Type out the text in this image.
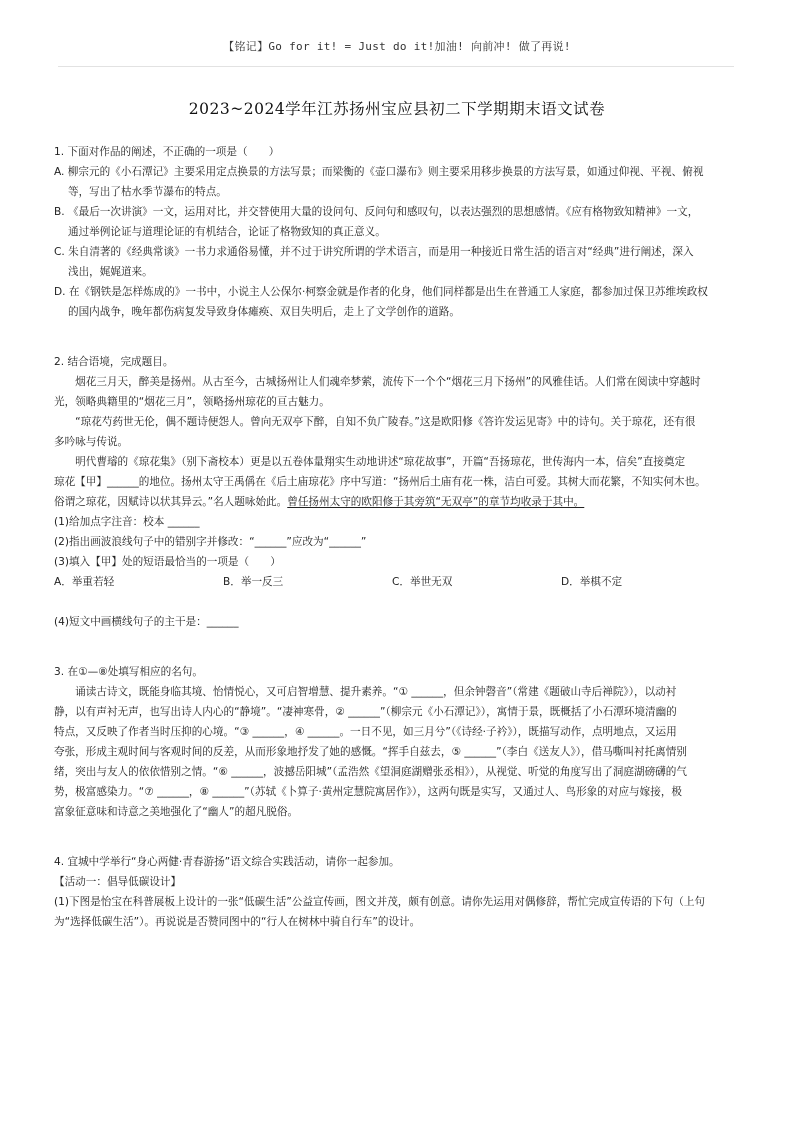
【铭记】Go for it! = Just do it!加油! 向前冲! 做了再说!
2023~2024学年江苏扬州宝应县初二下学期期末语文试卷

1. 下面对作品的阐述，不正确的一项是（　　）

A. 柳宗元的《小石潭记》主要采用定点换景的方法写景；而梁衡的《壶口瀑布》则主要采用移步换景的方法写景，如通过仰视、平视、俯视

等，写出了枯水季节瀑布的特点。

B. 《最后一次讲演》一文，运用对比，并交替使用大量的设问句、反问句和感叹句，以表达强烈的思想感情。《应有格物致知精神》一文，

通过举例论证与道理论证的有机结合，论证了格物致知的真正意义。

C. 朱自清著的《经典常谈》一书力求通俗易懂，并不过于讲究所谓的学术语言，而是用一种接近日常生活的语言对“经典”进行阐述，深入

浅出，娓娓道来。

D. 在《钢铁是怎样炼成的》一书中，小说主人公保尔·柯察金就是作者的化身，他们同样都是出生在普通工人家庭，都参加过保卫苏维埃政权

的国内战争，晚年都伤病复发导致身体瘫痪、双目失明后，走上了文学创作的道路。

2. 结合语境，完成题目。

　　烟花三月天，醉美是扬州。从古至今，古城扬州让人们魂牵梦萦，流传下一个个“烟花三月下扬州”的风雅佳话。人们常在阅读中穿越时

光，领略典籍里的“烟花三月”，领略扬州琼花的亘古魅力。

　　“琼花芍药世无伦，偶不题诗便怨人。曾向无双亭下醉，自知不负广陵春。”这是欧阳修《答许发运见寄》中的诗句。关于琼花，还有很

多吟咏与传说。

　　明代曹璿的《琼花集》（别下斋校本）更是以五卷体量翔实生动地讲述“琼花故事”，开篇“吾扬琼花，世传海内一本，信矣”直接奠定

琼花【甲】______的地位。扬州太守王禹偁在《后土庙琼花》序中写道：“扬州后土庙有花一株，洁白可爱。其树大而花繁，不知实何木也。

俗谓之琼花，因赋诗以状其异云。”名人题咏始此。曾任扬州太守的欧阳修于其旁筑“无双亭”的章节均收录于其中。

(1)给加点字注音：校本 ______

(2)指出画波浪线句子中的错别字并修改：“______”应改为“______”

(3)填入【甲】处的短语最恰当的一项是（　　）

A．举重若轻	B．举一反三	C．举世无双	D．举棋不定

(4)短文中画横线句子的主干是：______

3. 在①—⑧处填写相应的名句。

　　诵读古诗文，既能身临其境、怡情悦心，又可启智增慧、提升素养。“① ______，但余钟磬音”（常建《题破山寺后禅院》），以动衬

静，以有声衬无声，也写出诗人内心的“静境”。“凄神寒骨，② ______”（柳宗元《小石潭记》），寓情于景，既概括了小石潭环境清幽的

特点，又反映了作者当时压抑的心境。“③ ______，④ ______。一日不见，如三月兮”（《诗经·子衿》），既描写动作，点明地点，又运用

夸张，形成主观时间与客观时间的反差，从而形象地抒发了她的感慨。“挥手自兹去，⑤ ______”（李白《送友人》），借马嘶叫衬托离情别

绪，突出与友人的依依惜别之情。“⑥ ______，波撼岳阳城”（孟浩然《望洞庭湖赠张丞相》），从视觉、听觉的角度写出了洞庭湖磅礴的气

势，极富感染力。“⑦ ______，⑧ ______”（苏轼《卜算子·黄州定慧院寓居作》），这两句既是实写，又通过人、鸟形象的对应与嫁接，极

富象征意味和诗意之美地强化了“幽人”的超凡脱俗。

4. 宜城中学举行“身心两健·青春游扬”语文综合实践活动，请你一起参加。

【活动一：倡导低碳设计】

(1)下图是怡宝在科普展板上设计的一张“低碳生活”公益宣传画，图文并茂，颇有创意。请你先运用对偶修辞，帮忙完成宣传语的下句（上句

为“选择低碳生活”）。再说说是否赞同图中的“行人在树林中骑自行车”的设计。
